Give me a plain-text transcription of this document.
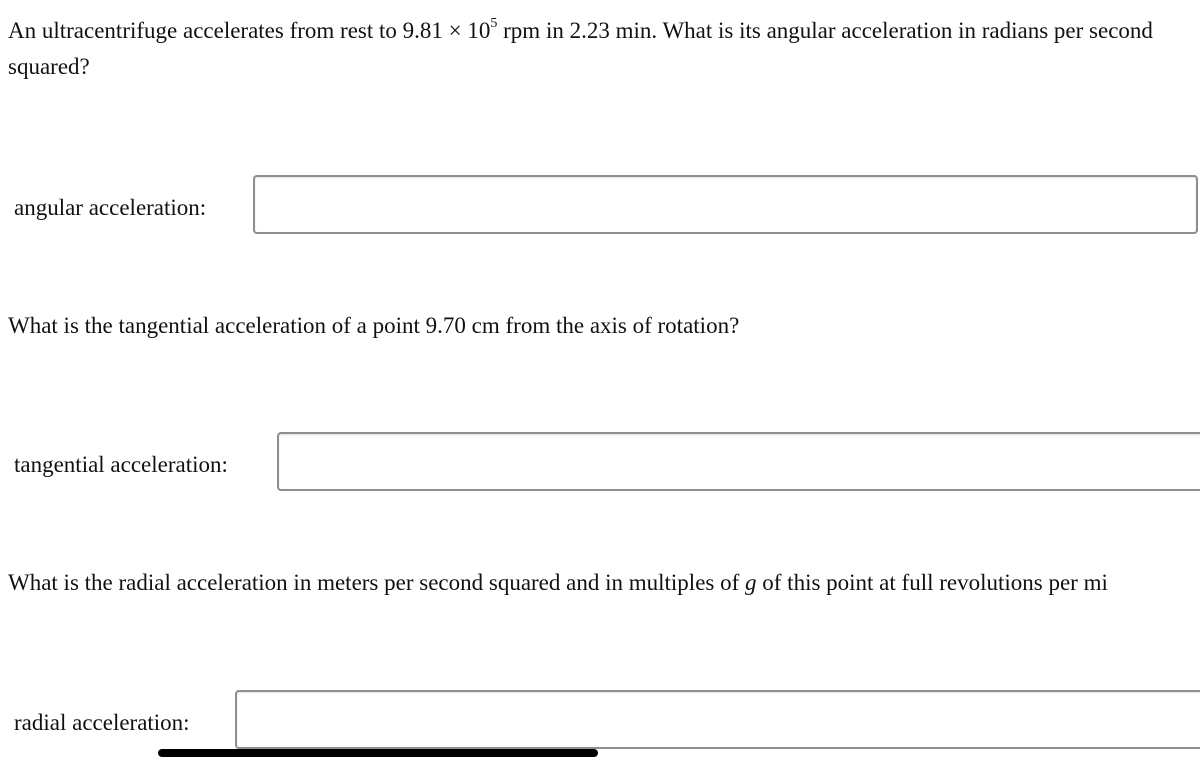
An ultracentrifuge accelerates from rest to $9.81 \times 10^5$ rpm in 2.23 min. What is its angular acceleration in radians per second squared?
angular acceleration:
What is the tangential acceleration of a point 9.70 cm from the axis of rotation?
tangential acceleration:
What is the radial acceleration in meters per second squared and in multiples of g of this point at full revolutions per mi
radial acceleration:
